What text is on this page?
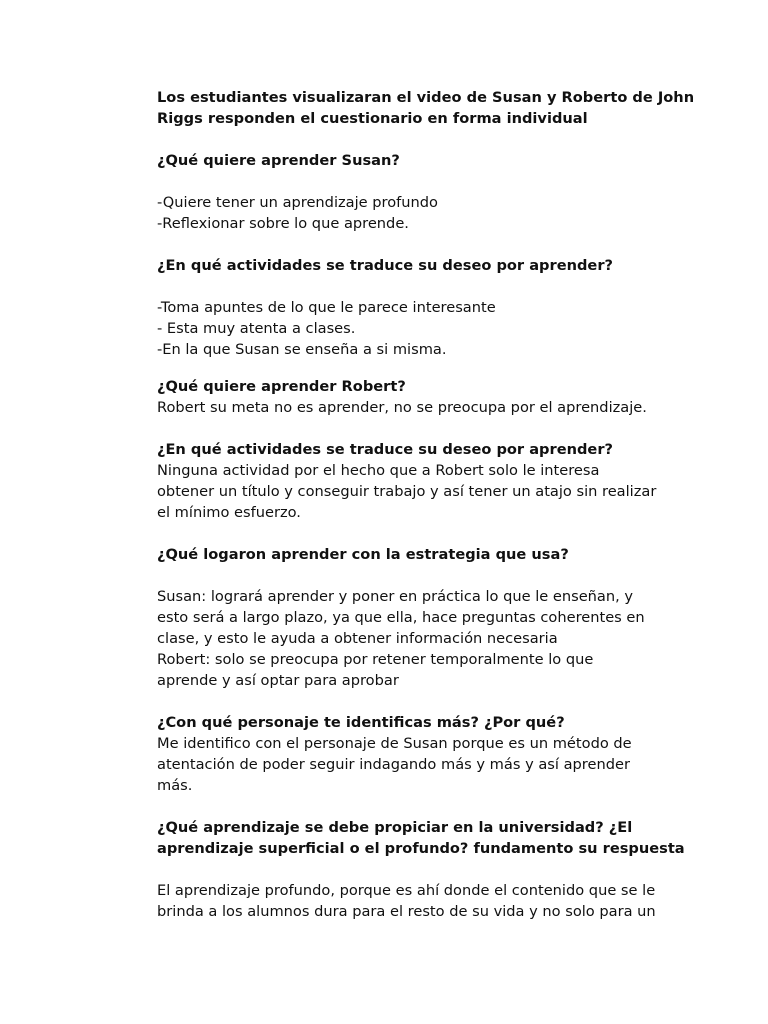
Los estudiantes visualizaran el video de Susan y Roberto de John
Riggs responden el cuestionario en forma individual
¿Qué quiere aprender Susan?
-Quiere tener un aprendizaje profundo
-Reflexionar sobre lo que aprende.
¿En qué actividades se traduce su deseo por aprender?
-Toma apuntes de lo que le parece interesante
- Esta muy atenta a clases.
-En la que Susan se enseña a si misma.
¿Qué quiere aprender Robert?
Robert su meta no es aprender, no se preocupa por el aprendizaje.
¿En qué actividades se traduce su deseo por aprender?
Ninguna actividad por el hecho que a Robert solo le interesa
obtener un título y conseguir trabajo y así tener un atajo sin realizar
el mínimo esfuerzo.
¿Qué logaron aprender con la estrategia que usa?
Susan: logrará aprender y poner en práctica lo que le enseñan, y
esto será a largo plazo, ya que ella, hace preguntas coherentes en
clase, y esto le ayuda a obtener información necesaria
Robert: solo se preocupa por retener temporalmente lo que
aprende y así optar para aprobar
¿Con qué personaje te identificas más? ¿Por qué?
Me identifico con el personaje de Susan porque es un método de
atentación de poder seguir indagando más y más y así aprender
más.
¿Qué aprendizaje se debe propiciar en la universidad? ¿El
aprendizaje superficial o el profundo? fundamento su respuesta
El aprendizaje profundo, porque es ahí donde el contenido que se le
brinda a los alumnos dura para el resto de su vida y no solo para un
